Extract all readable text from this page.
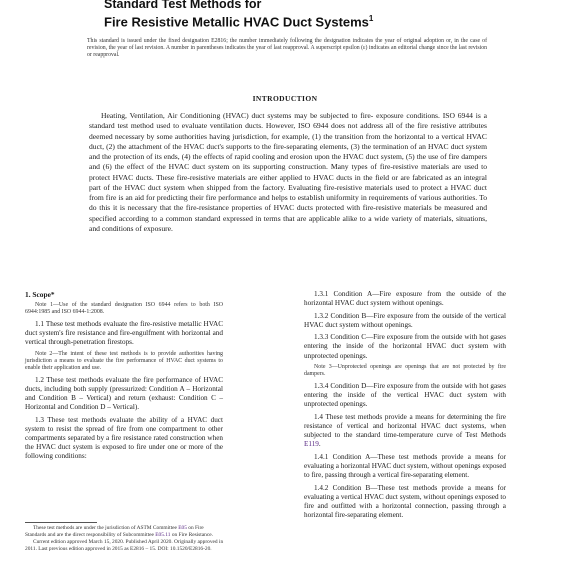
Standard Test Methods for
Fire Resistive Metallic HVAC Duct Systems$^1$
This standard is issued under the fixed designation E2816; the number immediately following the designation indicates the year of original adoption or, in the case of revision, the year of last revision. A number in parentheses indicates the year of last reapproval. A superscript epsilon (ε) indicates an editorial change since the last revision or reapproval.
INTRODUCTION

Heating, Ventilation, Air Conditioning (HVAC) duct systems may be subjected to fire- exposure conditions. ISO 6944 is a standard test method used to evaluate ventilation ducts. However, ISO 6944 does not address all of the fire resistive attributes deemed necessary by some authorities having jurisdiction, for example, (1) the transition from the horizontal to a vertical HVAC duct, (2) the attachment of the HVAC duct's supports to the fire-separating elements, (3) the termination of an HVAC duct system and the protection of its ends, (4) the effects of rapid cooling and erosion upon the HVAC duct system, (5) the use of fire dampers and (6) the effect of the HVAC duct system on its supporting construction. Many types of fire-resistive materials are used to protect HVAC ducts. These fire-resistive materials are either applied to HVAC ducts in the field or are fabricated as an integral part of the HVAC duct system when shipped from the factory. Evaluating fire-resistive materials used to protect a HVAC duct from fire is an aid for predicting their fire performance and helps to establish uniformity in requirements of various authorities. To do this it is necessary that the fire-resistance properties of HVAC ducts protected with fire-resistive materials be measured and specified according to a common standard expressed in terms that are applicable alike to a wide variety of materials, situations, and conditions of exposure.

1. Scope*

Note 1—Use of the standard designation ISO 6944 refers to both ISO 6944:1985 and ISO 6944-1:2008.

1.1 These test methods evaluate the fire-resistive metallic HVAC duct system's fire resistance and fire-engulfment with horizontal and vertical through-penetration firestops.

Note 2—The intent of these test methods is to provide authorities having jurisdiction a means to evaluate the fire performance of HVAC duct systems to enable their application and use.

1.2 These test methods evaluate the fire performance of HVAC ducts, including both supply (pressurized: Condition A – Horizontal and Condition B – Vertical) and return (exhaust: Condition C – Horizontal and Condition D – Vertical).

1.3 These test methods evaluate the ability of a HVAC duct system to resist the spread of fire from one compartment to other compartments separated by a fire resistance rated construction when the HVAC duct system is exposed to fire under one or more of the following conditions:

1.3.1 Condition A—Fire exposure from the outside of the horizontal HVAC duct system without openings.

1.3.2 Condition B—Fire exposure from the outside of the vertical HVAC duct system without openings.

1.3.3 Condition C—Fire exposure from the outside with hot gases entering the inside of the horizontal HVAC duct system with unprotected openings.

Note 3—Unprotected openings are openings that are not protected by fire dampers.

1.3.4 Condition D—Fire exposure from the outside with hot gases entering the inside of the vertical HVAC duct system with unprotected openings.

1.4 These test methods provide a means for determining the fire resistance of vertical and horizontal HVAC duct systems, when subjected to the standard time-temperature curve of Test Methods E119.

1.4.1 Condition A—These test methods provide a means for evaluating a horizontal HVAC duct system, without openings exposed to fire, passing through a vertical fire-separating element.

1.4.2 Condition B—These test methods provide a means for evaluating a vertical HVAC duct system, without openings exposed to fire and outfitted with a horizontal connection, passing through a horizontal fire-separating element.

These test methods are under the jurisdiction of ASTM Committee E05 on Fire Standards and are the direct responsibility of Subcommittee E05.11 on Fire Resistance.

Current edition approved March 15, 2020. Published April 2020. Originally approved in 2011. Last previous edition approved in 2015 as E2816 – 15. DOI: 10.1520/E2816-20.
